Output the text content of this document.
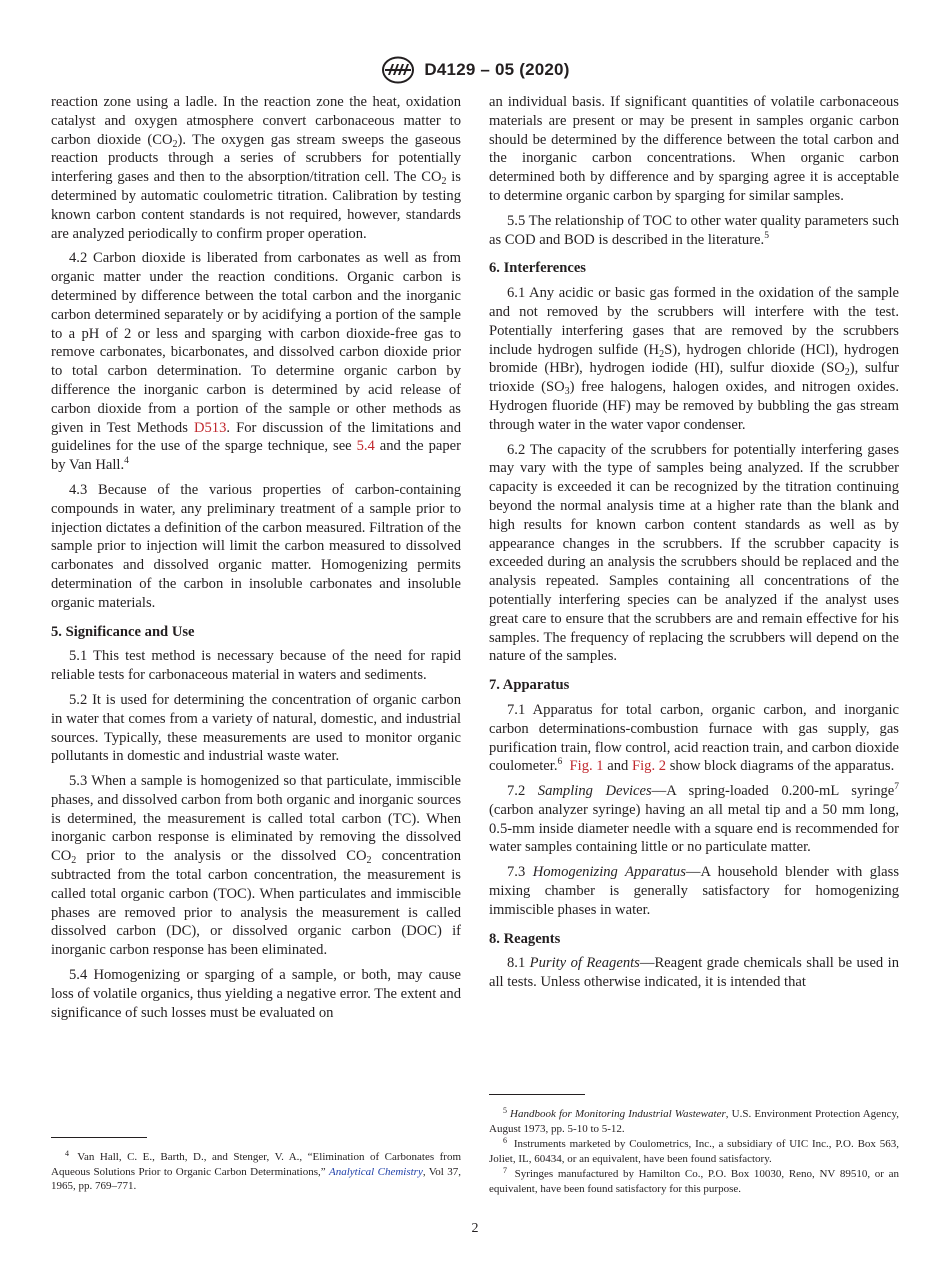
D4129 – 05 (2020)

reaction zone using a ladle. In the reaction zone the heat, oxidation catalyst and oxygen atmosphere convert carbonaceous matter to carbon dioxide $(CO_2)$. The oxygen gas stream sweeps the gaseous reaction products through a series of scrubbers for potentially interfering gases and then to the absorption/titration cell. The $CO_2$ is determined by automatic coulometric titration. Calibration by testing known carbon content standards is not required, however, standards are analyzed periodically to confirm proper operation.

4.2 Carbon dioxide is liberated from carbonates as well as from organic matter under the reaction conditions. Organic carbon is determined by difference between the total carbon and the inorganic carbon determined separately or by acidifying a portion of the sample to a pH of 2 or less and sparging with carbon dioxide-free gas to remove carbonates, bicarbonates, and dissolved carbon dioxide prior to total carbon determination. To determine organic carbon by difference the inorganic carbon is determined by acid release of carbon dioxide from a portion of the sample or other methods as given in Test Methods D513. For discussion of the limitations and guidelines for the use of the sparge technique, see 5.4 and the paper by Van Hall.$^4$

4.3 Because of the various properties of carbon-containing compounds in water, any preliminary treatment of a sample prior to injection dictates a definition of the carbon measured. Filtration of the sample prior to injection will limit the carbon measured to dissolved carbonates and dissolved organic matter. Homogenizing permits determination of the carbon in insoluble carbonates and insoluble organic materials.

5. Significance and Use

5.1 This test method is necessary because of the need for rapid reliable tests for carbonaceous material in waters and sediments.

5.2 It is used for determining the concentration of organic carbon in water that comes from a variety of natural, domestic, and industrial sources. Typically, these measurements are used to monitor organic pollutants in domestic and industrial waste water.

5.3 When a sample is homogenized so that particulate, immiscible phases, and dissolved carbon from both organic and inorganic sources is determined, the measurement is called total carbon (TC). When inorganic carbon response is eliminated by removing the dissolved $CO_2$ prior to the analysis or the dissolved $CO_2$ concentration subtracted from the total carbon concentration, the measurement is called total organic carbon (TOC). When particulates and immiscible phases are removed prior to analysis the measurement is called dissolved carbon (DC), or dissolved organic carbon (DOC) if inorganic carbon response has been eliminated.

5.4 Homogenizing or sparging of a sample, or both, may cause loss of volatile organics, thus yielding a negative error. The extent and significance of such losses must be evaluated on

$^4$ Van Hall, C. E., Barth, D., and Stenger, V. A., “Elimination of Carbonates from Aqueous Solutions Prior to Organic Carbon Determinations,” Analytical Chemistry, Vol 37, 1965, pp. 769–771.

an individual basis. If significant quantities of volatile carbonaceous materials are present or may be present in samples organic carbon should be determined by the difference between the total carbon and the inorganic carbon concentrations. When organic carbon determined both by difference and by sparging agree it is acceptable to determine organic carbon by sparging for similar samples.

5.5 The relationship of TOC to other water quality parameters such as COD and BOD is described in the literature.$^5$

6. Interferences

6.1 Any acidic or basic gas formed in the oxidation of the sample and not removed by the scrubbers will interfere with the test. Potentially interfering gases that are removed by the scrubbers include hydrogen sulfide $(H_2S)$, hydrogen chloride (HCl), hydrogen bromide (HBr), hydrogen iodide (HI), sulfur dioxide $(SO_2)$, sulfur trioxide $(SO_3)$ free halogens, halogen oxides, and nitrogen oxides. Hydrogen fluoride (HF) may be removed by bubbling the gas stream through water in the water vapor condenser.

6.2 The capacity of the scrubbers for potentially interfering gases may vary with the type of samples being analyzed. If the scrubber capacity is exceeded it can be recognized by the titration continuing beyond the normal analysis time at a higher rate than the blank and high results for known carbon content standards as well as by appearance changes in the scrubbers. If the scrubber capacity is exceeded during an analysis the scrubbers should be replaced and the analysis repeated. Samples containing all concentrations of the potentially interfering species can be analyzed if the analyst uses great care to ensure that the scrubbers are and remain effective for his samples. The frequency of replacing the scrubbers will depend on the nature of the samples.

7. Apparatus

7.1 Apparatus for total carbon, organic carbon, and inorganic carbon determinations-combustion furnace with gas supply, gas purification train, flow control, acid reaction train, and carbon dioxide coulometer.$^6$ Fig. 1 and Fig. 2 show block diagrams of the apparatus.

7.2 Sampling Devices—A spring-loaded 0.200-mL syringe$^7$ (carbon analyzer syringe) having an all metal tip and a 50 mm long, 0.5-mm inside diameter needle with a square end is recommended for water samples containing little or no particulate matter.

7.3 Homogenizing Apparatus—A household blender with glass mixing chamber is generally satisfactory for homogenizing immiscible phases in water.

8. Reagents

8.1 Purity of Reagents—Reagent grade chemicals shall be used in all tests. Unless otherwise indicated, it is intended that

$^5$ Handbook for Monitoring Industrial Wastewater, U.S. Environment Protection Agency, August 1973, pp. 5-10 to 5-12.
$^6$ Instruments marketed by Coulometrics, Inc., a subsidiary of UIC Inc., P.O. Box 563, Joliet, IL, 60434, or an equivalent, have been found satisfactory.
$^7$ Syringes manufactured by Hamilton Co., P.O. Box 10030, Reno, NV 89510, or an equivalent, have been found satisfactory for this purpose.
2
